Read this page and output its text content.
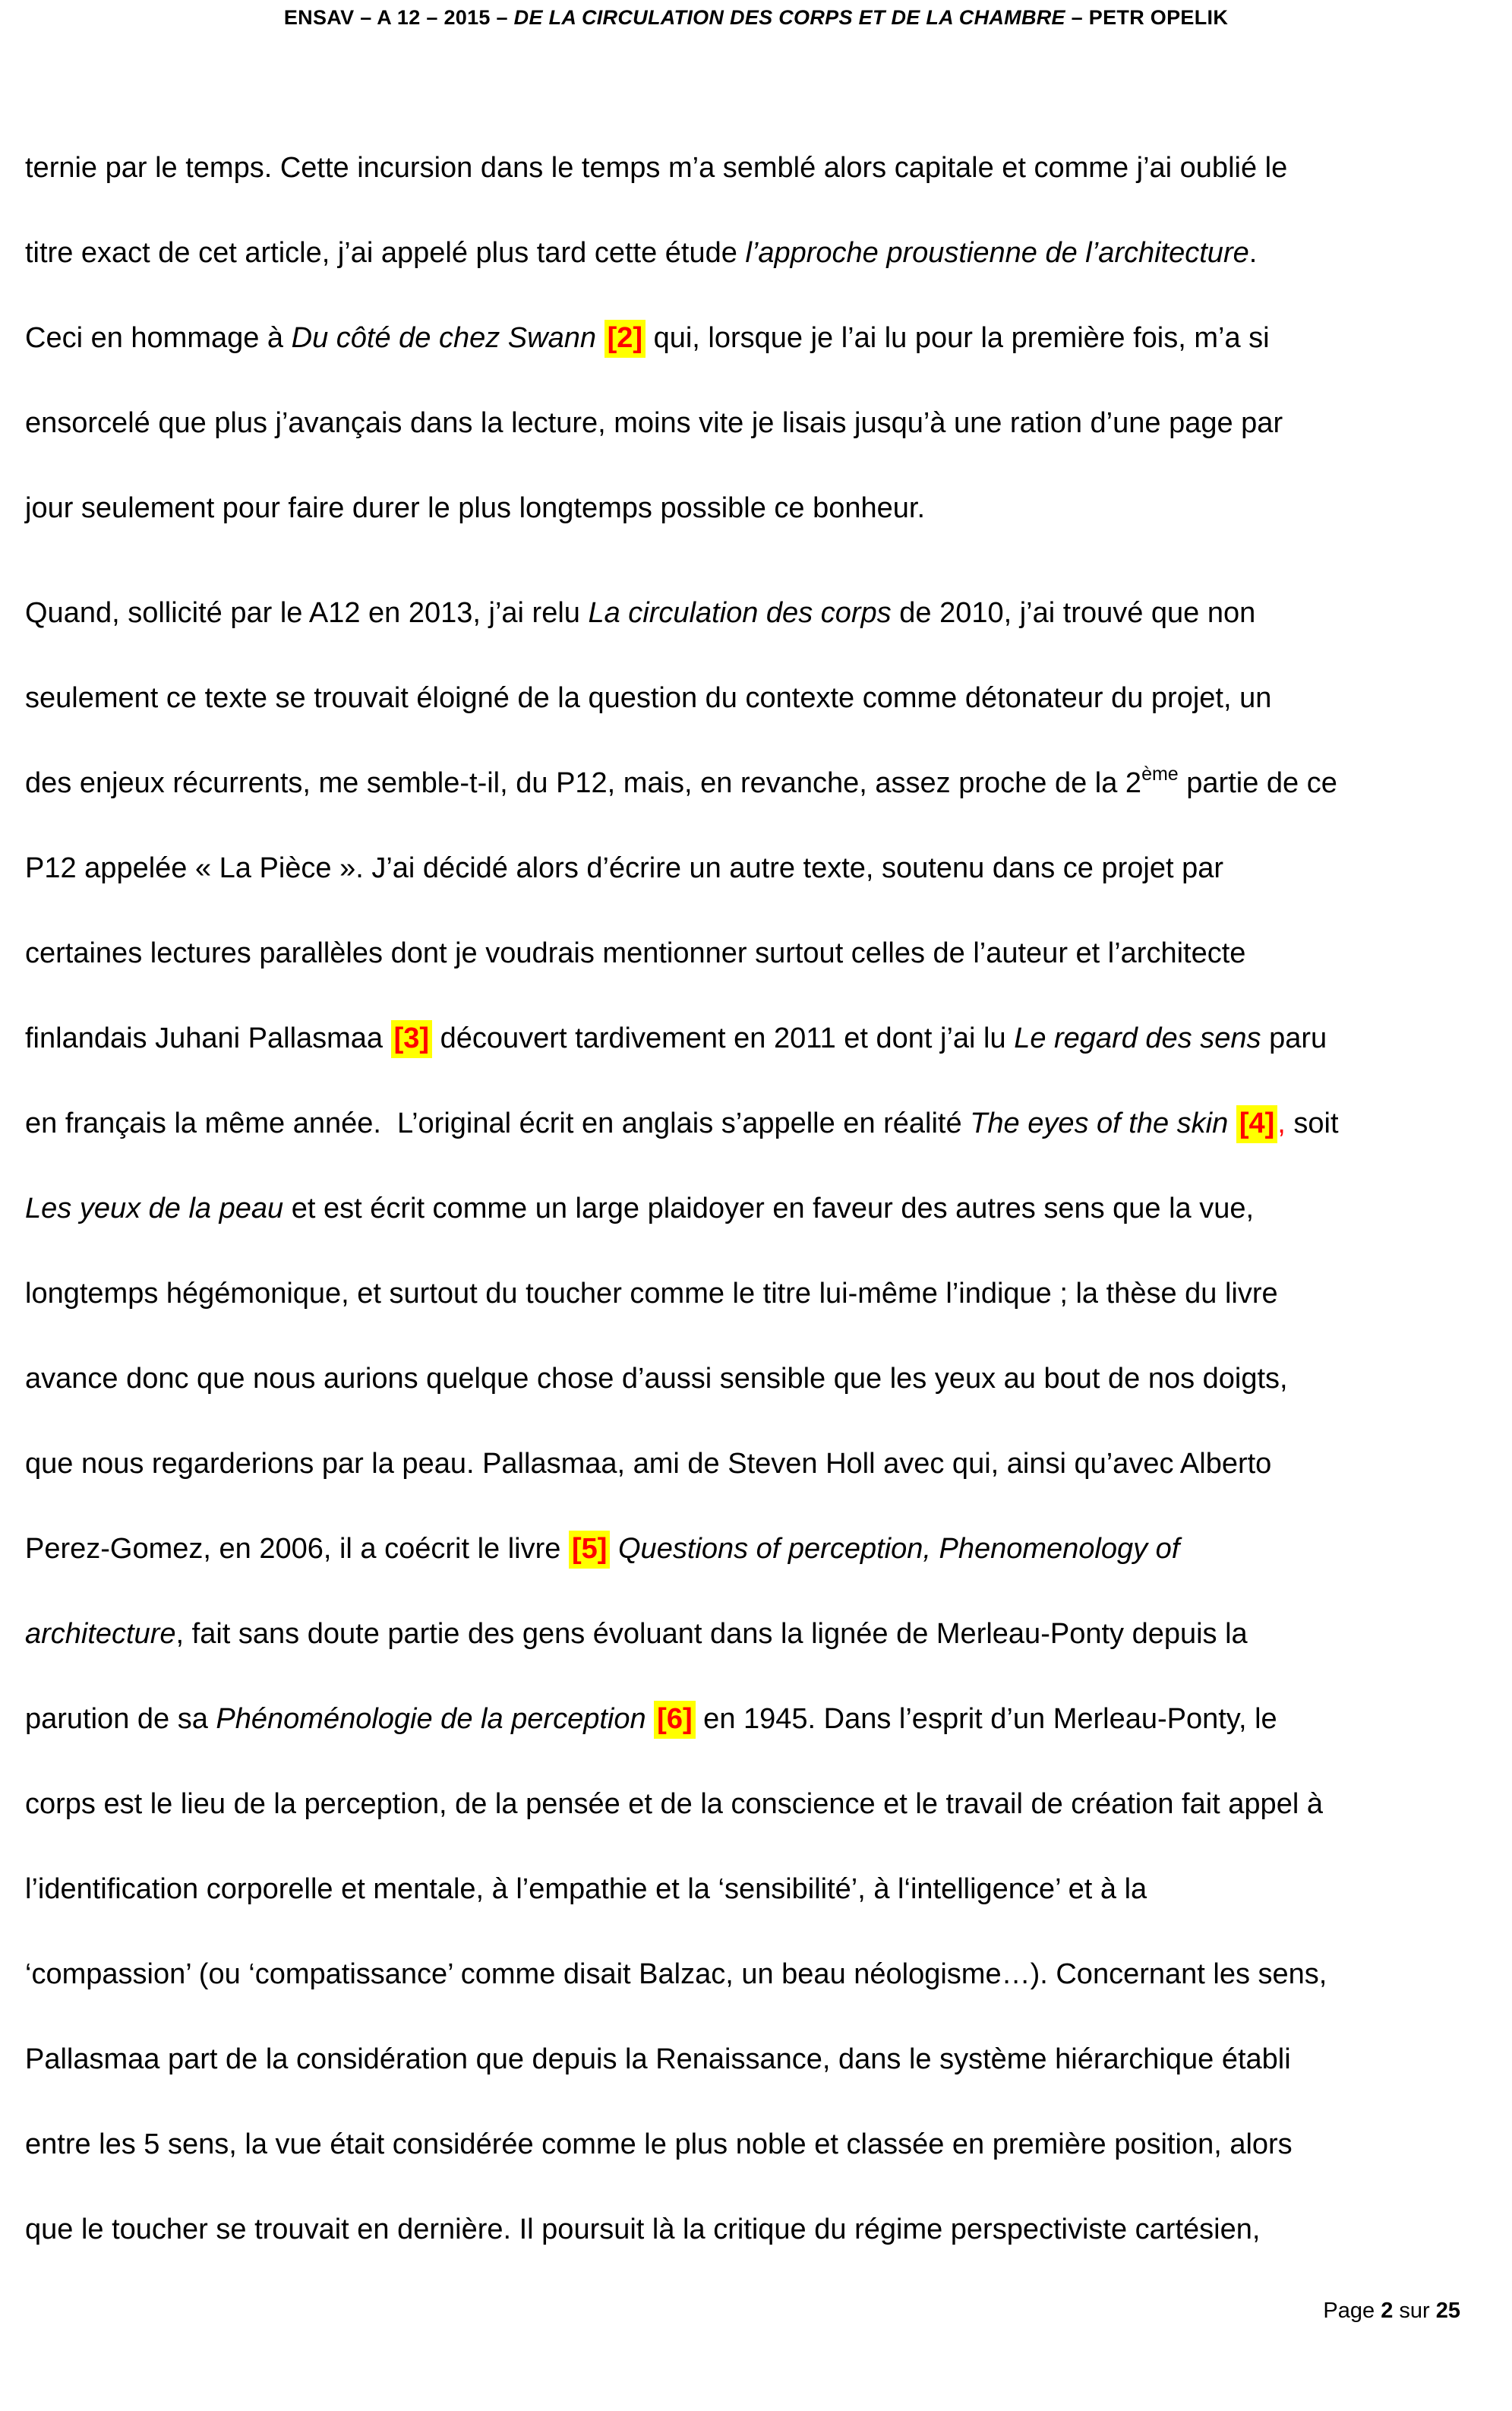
ENSAV – A 12 – 2015 – DE LA CIRCULATION DES CORPS ET DE LA CHAMBRE – PETR OPELIK
ternie par le temps. Cette incursion dans le temps m’a semblé alors capitale et comme j’ai oublié le
titre exact de cet article, j’ai appelé plus tard cette étude l’approche proustienne de l’architecture.
Ceci en hommage à Du côté de chez Swann [2] qui, lorsque je l’ai lu pour la première fois, m’a si
ensorcelé que plus j’avançais dans la lecture, moins vite je lisais jusqu’à une ration d’une page par
jour seulement pour faire durer le plus longtemps possible ce bonheur.
Quand, sollicité par le A12 en 2013, j’ai relu La circulation des corps de 2010, j’ai trouvé que non
seulement ce texte se trouvait éloigné de la question du contexte comme détonateur du projet, un
des enjeux récurrents, me semble-t-il, du P12, mais, en revanche, assez proche de la 2ème partie de ce
P12 appelée « La Pièce ». J’ai décidé alors d’écrire un autre texte, soutenu dans ce projet par
certaines lectures parallèles dont je voudrais mentionner surtout celles de l’auteur et l’architecte
finlandais Juhani Pallasmaa [3] découvert tardivement en 2011 et dont j’ai lu Le regard des sens paru
en français la même année.  L’original écrit en anglais s’appelle en réalité The eyes of the skin [4] , soit
Les yeux de la peau et est écrit comme un large plaidoyer en faveur des autres sens que la vue,
longtemps hégémonique, et surtout du toucher comme le titre lui-même l’indique ; la thèse du livre
avance donc que nous aurions quelque chose d’aussi sensible que les yeux au bout de nos doigts,
que nous regarderions par la peau. Pallasmaa, ami de Steven Holl avec qui, ainsi qu’avec Alberto
Perez-Gomez, en 2006, il a coécrit le livre [5] Questions of perception, Phenomenology of
architecture, fait sans doute partie des gens évoluant dans la lignée de Merleau-Ponty depuis la
parution de sa Phénoménologie de la perception [6] en 1945. Dans l’esprit d’un Merleau-Ponty, le
corps est le lieu de la perception, de la pensée et de la conscience et le travail de création fait appel à
l’identification corporelle et mentale, à l’empathie et la ‘sensibilité’, à l‘intelligence’ et à la
‘compassion’ (ou ‘compatissance’ comme disait Balzac, un beau néologisme…). Concernant les sens,
Pallasmaa part de la considération que depuis la Renaissance, dans le système hiérarchique établi
entre les 5 sens, la vue était considérée comme le plus noble et classée en première position, alors
que le toucher se trouvait en dernière. Il poursuit là la critique du régime perspectiviste cartésien,
Page 2 sur 25
